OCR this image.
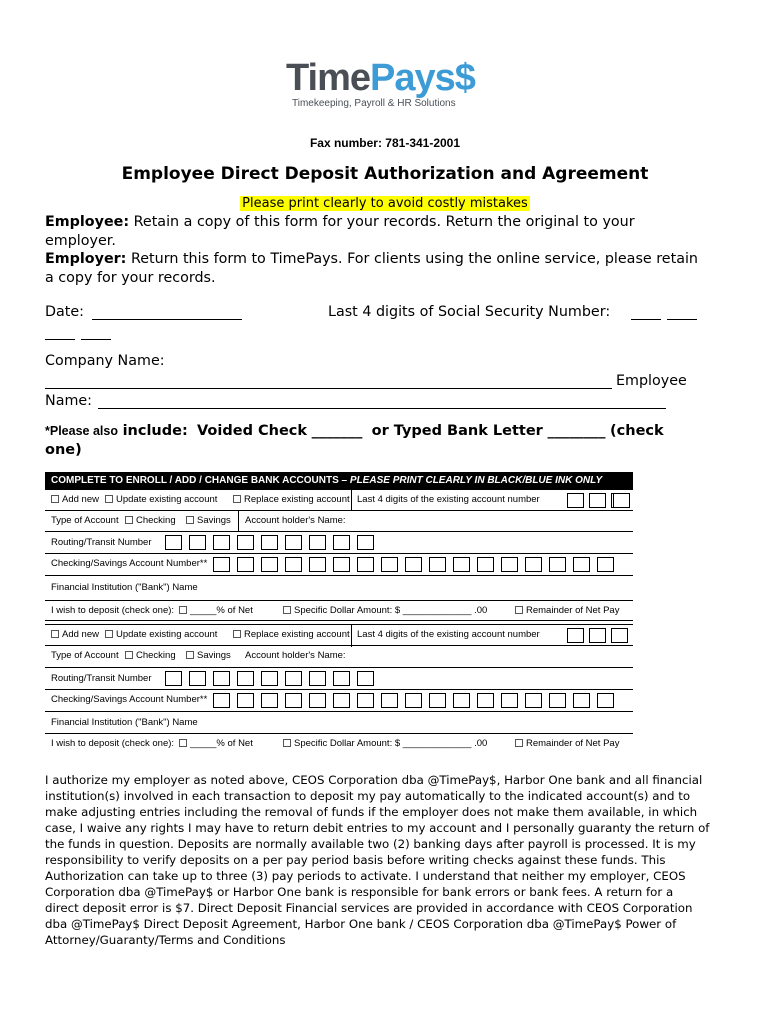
TimePays$
Timekeeping, Payroll & HR Solutions
Fax number: 781-341-2001
Employee Direct Deposit Authorization and Agreement
Please print clearly to avoid costly mistakes
Employee: Retain a copy of this form for your records. Return the original to your employer.
Employer: Return this form to TimePays. For clients using the online service, please retain a copy for your records.
Date:	Last 4 digits of Social Security Number:
Company Name:
Employee
Name:
*Please also include: Voided Check _______ or Typed Bank Letter ________ (check
one)
COMPLETE TO ENROLL / ADD / CHANGE BANK ACCOUNTS – PLEASE PRINT CLEARLY IN BLACK/BLUE INK ONLY
Add new	Update existing account	Replace existing account Last 4 digits of the existing account number
Type of Account	Checking	Savings Account holder's Name:
Routing/Transit Number
Checking/Savings Account Number**
Financial Institution ("Bank") Name
I wish to deposit (check one):	_____% of Net	Specific Dollar Amount: $ _____________ .00	Remainder of Net Pay
Add new	Update existing account	Replace existing account Last 4 digits of the existing account number
Type of Account	Checking	Savings Account holder's Name:
Routing/Transit Number
Checking/Savings Account Number**
Financial Institution ("Bank") Name
I wish to deposit (check one):	_____% of Net	Specific Dollar Amount: $ _____________ .00	Remainder of Net Pay
I authorize my employer as noted above, CEOS Corporation dba @TimePay$, Harbor One bank and all financial institution(s) involved in each transaction to deposit my pay automatically to the indicated account(s) and to make adjusting entries including the removal of funds if the employer does not make them available, in which case, I waive any rights I may have to return debit entries to my account and I personally guaranty the return of the funds in question. Deposits are normally available two (2) banking days after payroll is processed. It is my responsibility to verify deposits on a per pay period basis before writing checks against these funds. This Authorization can take up to three (3) pay periods to activate. I understand that neither my employer, CEOS Corporation dba @TimePay$ or Harbor One bank is responsible for bank errors or bank fees. A return for a direct deposit error is $7. Direct Deposit Financial services are provided in accordance with CEOS Corporation dba @TimePay$ Direct Deposit Agreement, Harbor One bank / CEOS Corporation dba @TimePay$ Power of Attorney/Guaranty/Terms and Conditions
